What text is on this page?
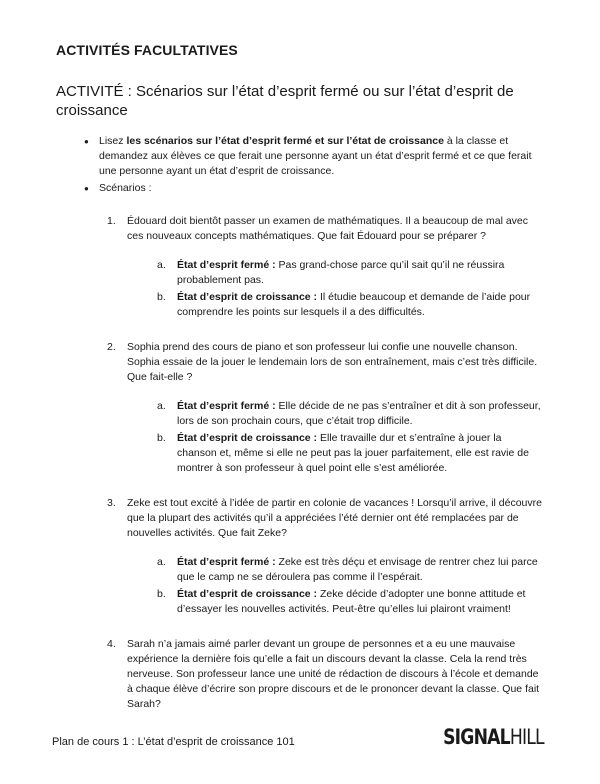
ACTIVITÉS FACULTATIVES
ACTIVITÉ : Scénarios sur l’état d’esprit fermé ou sur l’état d’esprit de croissance
● Lisez les scénarios sur l’état d’esprit fermé et sur l’état de croissance à la classe et demandez aux élèves ce que ferait une personne ayant un état d’esprit fermé et ce que ferait une personne ayant un état d’esprit de croissance.
● Scénarios :
1. Édouard doit bientôt passer un examen de mathématiques. Il a beaucoup de mal avec ces nouveaux concepts mathématiques. Que fait Édouard pour se préparer ?
a. État d’esprit fermé : Pas grand-chose parce qu’il sait qu’il ne réussira probablement pas.
b. État d’esprit de croissance : Il étudie beaucoup et demande de l’aide pour comprendre les points sur lesquels il a des difficultés.
2. Sophia prend des cours de piano et son professeur lui confie une nouvelle chanson. Sophia essaie de la jouer le lendemain lors de son entraînement, mais c’est très difficile. Que fait-elle ?
a. État d’esprit fermé : Elle décide de ne pas s’entraîner et dit à son professeur, lors de son prochain cours, que c’était trop difficile.
b. État d’esprit de croissance : Elle travaille dur et s’entraîne à jouer la chanson et, même si elle ne peut pas la jouer parfaitement, elle est ravie de montrer à son professeur à quel point elle s’est améliorée.
3. Zeke est tout excité à l’idée de partir en colonie de vacances ! Lorsqu’il arrive, il découvre que la plupart des activités qu’il a appréciées l’été dernier ont été remplacées par de nouvelles activités. Que fait Zeke?
a. État d’esprit fermé : Zeke est très déçu et envisage de rentrer chez lui parce que le camp ne se déroulera pas comme il l’espérait.
b. État d’esprit de croissance : Zeke décide d’adopter une bonne attitude et d’essayer les nouvelles activités. Peut-être qu’elles lui plairont vraiment!
4. Sarah n’a jamais aimé parler devant un groupe de personnes et a eu une mauvaise expérience la dernière fois qu’elle a fait un discours devant la classe. Cela la rend très nerveuse. Son professeur lance une unité de rédaction de discours à l’école et demande à chaque élève d’écrire son propre discours et de le prononcer devant la classe. Que fait Sarah?
Plan de cours 1 : L’état d’esprit de croissance 101	SIGNALHILL
